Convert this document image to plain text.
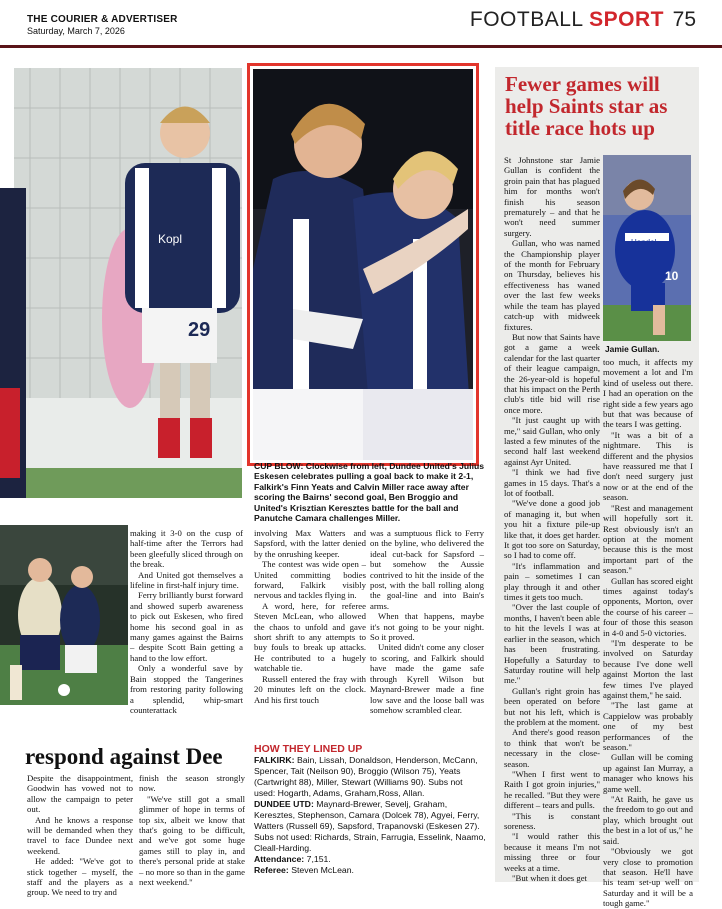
THE COURIER & ADVERTISER
Saturday, March 7, 2026	FOOTBALL SPORT 75
29
Kopl
CUP BLOW: Clockwise from left, Dundee United's Julius Eskesen celebrates pulling a goal back to make it 2-1, Falkirk's Finn Yeats and Calvin Miller race away after scoring the Bairns' second goal, Ben Broggio and United's Krisztian Keresztes battle for the ball and Panutche Camara challenges Miller.

making it 3-0 on the cusp of half-time after the Terrors had been gleefully sliced through on the break.

And United got themselves a lifeline in first-half injury time.

Ferry brilliantly burst forward and showed superb awareness to pick out Eskesen, who fired home his second goal in as many games against the Bairns – despite Scott Bain getting a hand to the low effort.

Only a wonderful save by Bain stopped the Tangerines from restoring parity following a splendid, whip-smart counterattack

involving Max Watters and Sapsford, with the latter denied by the onrushing keeper.

The contest was wide open – United committing bodies forward, Falkirk visibly nervous and tackles flying in.

A word, here, for referee Steven McLean, who allowed the chaos to unfold and gave short shrift to any attempts to buy fouls to break up attacks. He contributed to a hugely watchable tie.

Russell entered the fray with 20 minutes left on the clock. And his first touch

was a sumptuous flick to Ferry on the byline, who delivered the ideal cut-back for Sapsford – but somehow the Aussie contrived to hit the inside of the post, with the ball rolling along the goal-line and into Bain's arms.

When that happens, maybe it's not going to be your night. So it proved.

United didn't come any closer to scoring, and Falkirk should have made the game safe through Kyrell Wilson but Maynard-Brewer made a fine low save and the loose ball was somehow scrambled clear.

respond against Dee

Despite the disappointment, Goodwin has vowed not to allow the campaign to peter out.

And he knows a response will be demanded when they travel to face Dundee next weekend.

He added: "We've got to stick together – myself, the staff and the players as a group. We need to try and

finish the season strongly now.

"We've still got a small glimmer of hope in terms of top six, albeit we know that that's going to be difficult, and we've got some huge games still to play in, and there's personal pride at stake – no more so than in the game next weekend."

HOW THEY LINED UP
FALKIRK: Bain, Lissah, Donaldson, Henderson, McCann, Spencer, Tait (Neilson 90), Broggio (Wilson 75), Yeats (Cartwright 88), Miller, Stewart (Williams 90). Subs not used: Hogarth, Adams, Graham,Ross, Allan.
DUNDEE UTD: Maynard-Brewer, Sevelj, Graham, Keresztes, Stephenson, Camara (Dolcek 78), Agyei, Ferry, Watters (Russell 69), Sapsford, Trapanovski (Eskesen 27). Subs not used: Richards, Strain, Farrugia, Esselink, Naamo, Cleall-Harding.
Attendance: 7,151.
Referee: Steven McLean.
Fewer games will help Saints star as title race hots up
Handel
10
Jamie Gullan.

St Johnstone star Jamie Gullan is confident the groin pain that has plagued him for months won't finish his season prematurely – and that he won't need summer surgery.

Gullan, who was named the Championship player of the month for February on Thursday, believes his effectiveness has waned over the last few weeks while the team has played catch-up with midweek fixtures.

But now that Saints have got a game a week calendar for the last quarter of their league campaign, the 26-year-old is hopeful that his impact on the Perth club's title bid will rise once more.

"It just caught up with me," said Gullan, who only lasted a few minutes of the second half last weekend against Ayr United.

"I think we had five games in 15 days. That's a lot of football.

"We've done a good job of managing it, but when you hit a fixture pile-up like that, it does get harder. It got too sore on Saturday, so I had to come off.

"It's inflammation and pain – sometimes I can play through it and other times it gets too much.

"Over the last couple of months, I haven't been able to hit the levels I was at earlier in the season, which has been frustrating. Hopefully a Saturday to Saturday routine will help me."

Gullan's right groin has been operated on before but not his left, which is the problem at the moment.

And there's good reason to think that won't be necessary in the close-season.

"When I first went to Raith I got groin injuries," he recalled. "But they were different – tears and pulls.

"This is constant soreness.

"I would rather this because it means I'm not missing three or four weeks at a time.

"But when it does get

too much, it affects my movement a lot and I'm kind of useless out there. I had an operation on the right side a few years ago but that was because of the tears I was getting.

"It was a bit of a nightmare. This is different and the physios have reassured me that I don't need surgery just now or at the end of the season.

"Rest and management will hopefully sort it. Rest obviously isn't an option at the moment because this is the most important part of the season."

Gullan has scored eight times against today's opponents, Morton, over the course of his career – four of those this season in 4-0 and 5-0 victories.

"I'm desperate to be involved on Saturday because I've done well against Morton the last few times I've played against them," he said.

"The last game at Cappielow was probably one of my best performances of the season."

Gullan will be coming up against Ian Murray, a manager who knows his game well.

"At Raith, he gave us the freedom to go out and play, which brought out the best in a lot of us," he said.

"Obviously we got very close to promotion that season. He'll have his team set-up well on Saturday and it will be a tough game."
